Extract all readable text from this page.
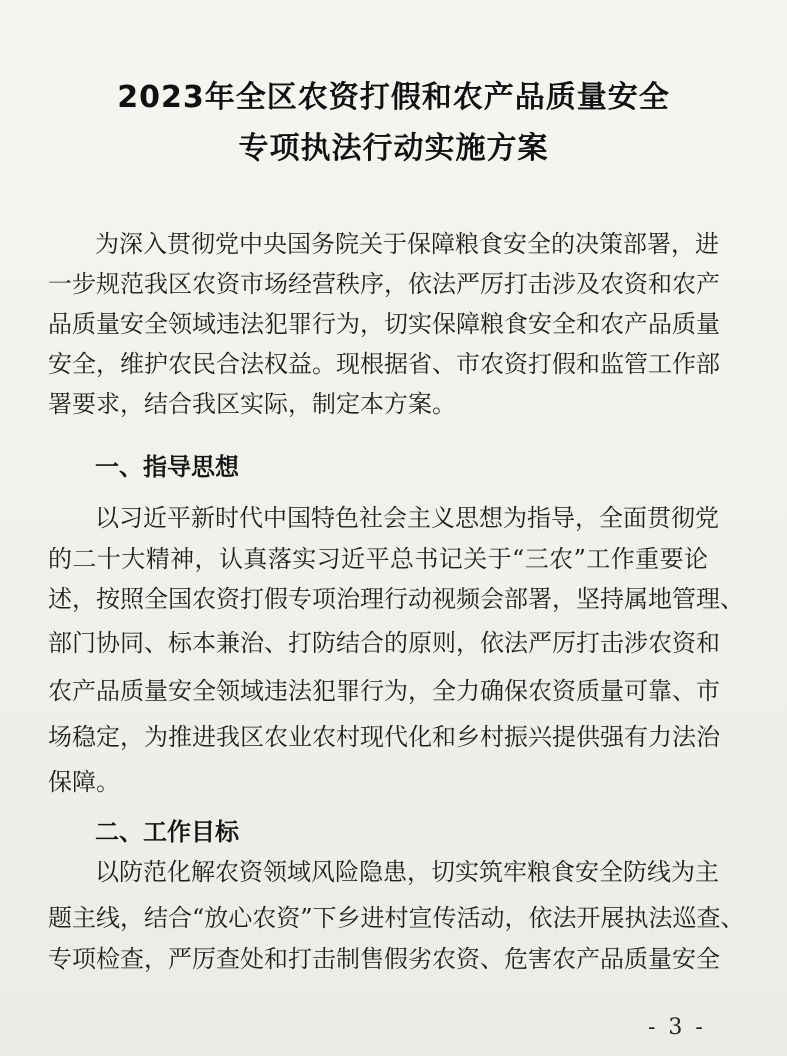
2023年全区农资打假和农产品质量安全
专项执法行动实施方案
为深入贯彻党中央国务院关于保障粮食安全的决策部署，进
一步规范我区农资市场经营秩序，依法严厉打击涉及农资和农产
品质量安全领域违法犯罪行为，切实保障粮食安全和农产品质量
安全，维护农民合法权益。现根据省、市农资打假和监管工作部
署要求，结合我区实际，制定本方案。
一、指导思想
以习近平新时代中国特色社会主义思想为指导，全面贯彻党
的二十大精神，认真落实习近平总书记关于“三农”工作重要论
述，按照全国农资打假专项治理行动视频会部署，坚持属地管理、
部门协同、标本兼治、打防结合的原则，依法严厉打击涉农资和
农产品质量安全领域违法犯罪行为，全力确保农资质量可靠、市
场稳定，为推进我区农业农村现代化和乡村振兴提供强有力法治
保障。
二、工作目标
以防范化解农资领域风险隐患，切实筑牢粮食安全防线为主
题主线，结合“放心农资”下乡进村宣传活动，依法开展执法巡查、
专项检查，严厉查处和打击制售假劣农资、危害农产品质量安全
- 3 -
